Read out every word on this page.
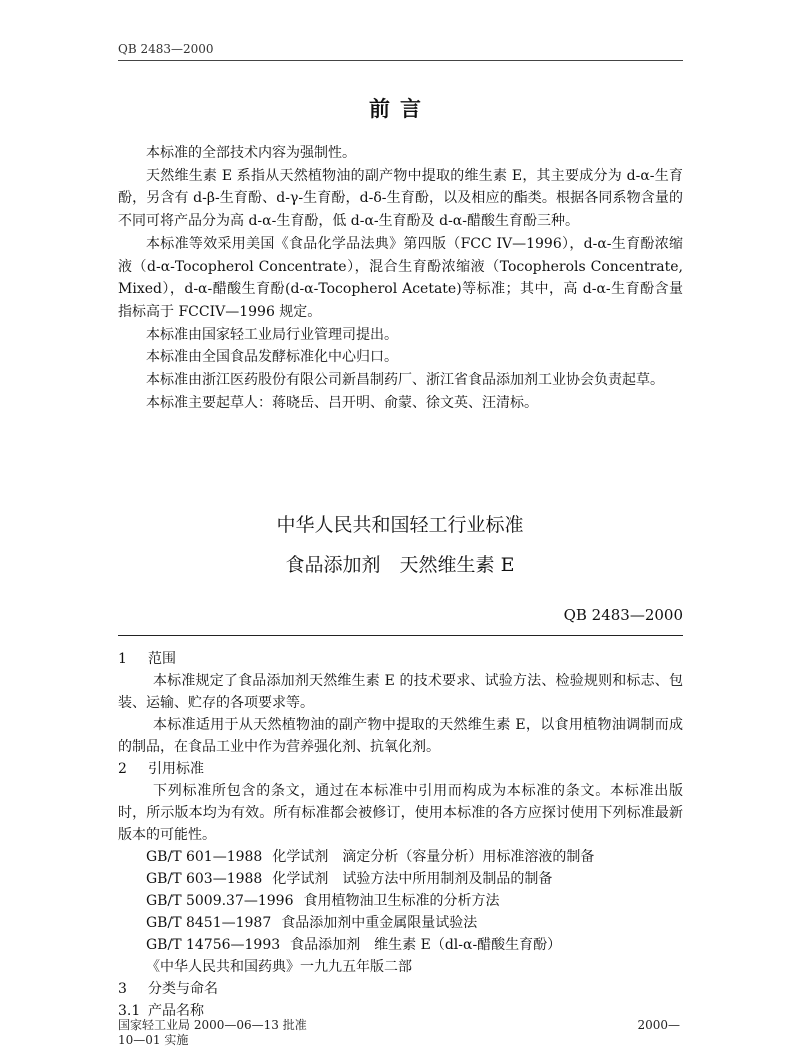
QB 2483—2000
前言

本标准的全部技术内容为强制性。

天然维生素 E 系指从天然植物油的副产物中提取的维生素 E，其主要成分为 d-α-生育酚，另含有 d-β-生育酚、d-γ-生育酚，d-δ-生育酚，以及相应的酯类。根据各同系物含量的不同可将产品分为高 d-α-生育酚，低 d-α-生育酚及 d-α-醋酸生育酚三种。

本标准等效采用美国《食品化学品法典》第四版（FCC IV—1996），d-α-生育酚浓缩液（d-α-Tocopherol Concentrate），混合生育酚浓缩液（Tocopherols Concentrate, Mixed），d-α-醋酸生育酚(d-α-Tocopherol Acetate)等标准；其中，高 d-α-生育酚含量指标高于 FCCIV—1996 规定。

本标准由国家轻工业局行业管理司提出。

本标准由全国食品发酵标准化中心归口。

本标准由浙江医药股份有限公司新昌制药厂、浙江省食品添加剂工业协会负责起草。

本标准主要起草人：蒋晓岳、吕开明、俞蒙、徐文英、汪清标。

中华人民共和国轻工行业标准
食品添加剂　天然维生素 E
QB 2483—2000

1 范围

本标准规定了食品添加剂天然维生素 E 的技术要求、试验方法、检验规则和标志、包装、运输、贮存的各项要求等。

本标准适用于从天然植物油的副产物中提取的天然维生素 E，以食用植物油调制而成的制品，在食品工业中作为营养强化剂、抗氧化剂。

2 引用标准

下列标准所包含的条文，通过在本标准中引用而构成为本标准的条文。本标准出版时，所示版本均为有效。所有标准都会被修订，使用本标准的各方应探讨使用下列标准最新版本的可能性。

GB/T 601—1988 化学试剂　滴定分析（容量分析）用标准溶液的制备

GB/T 603—1988 化学试剂　试验方法中所用制剂及制品的制备

GB/T 5009.37—1996 食用植物油卫生标准的分析方法

GB/T 8451—1987 食品添加剂中重金属限量试验法

GB/T 14756—1993 食品添加剂　维生素 E（dl-α-醋酸生育酚）

《中华人民共和国药典》一九九五年版二部

3 分类与命名

3.1 产品名称

国家轻工业局 2000—06—13 批准
10—01 实施
2000—
